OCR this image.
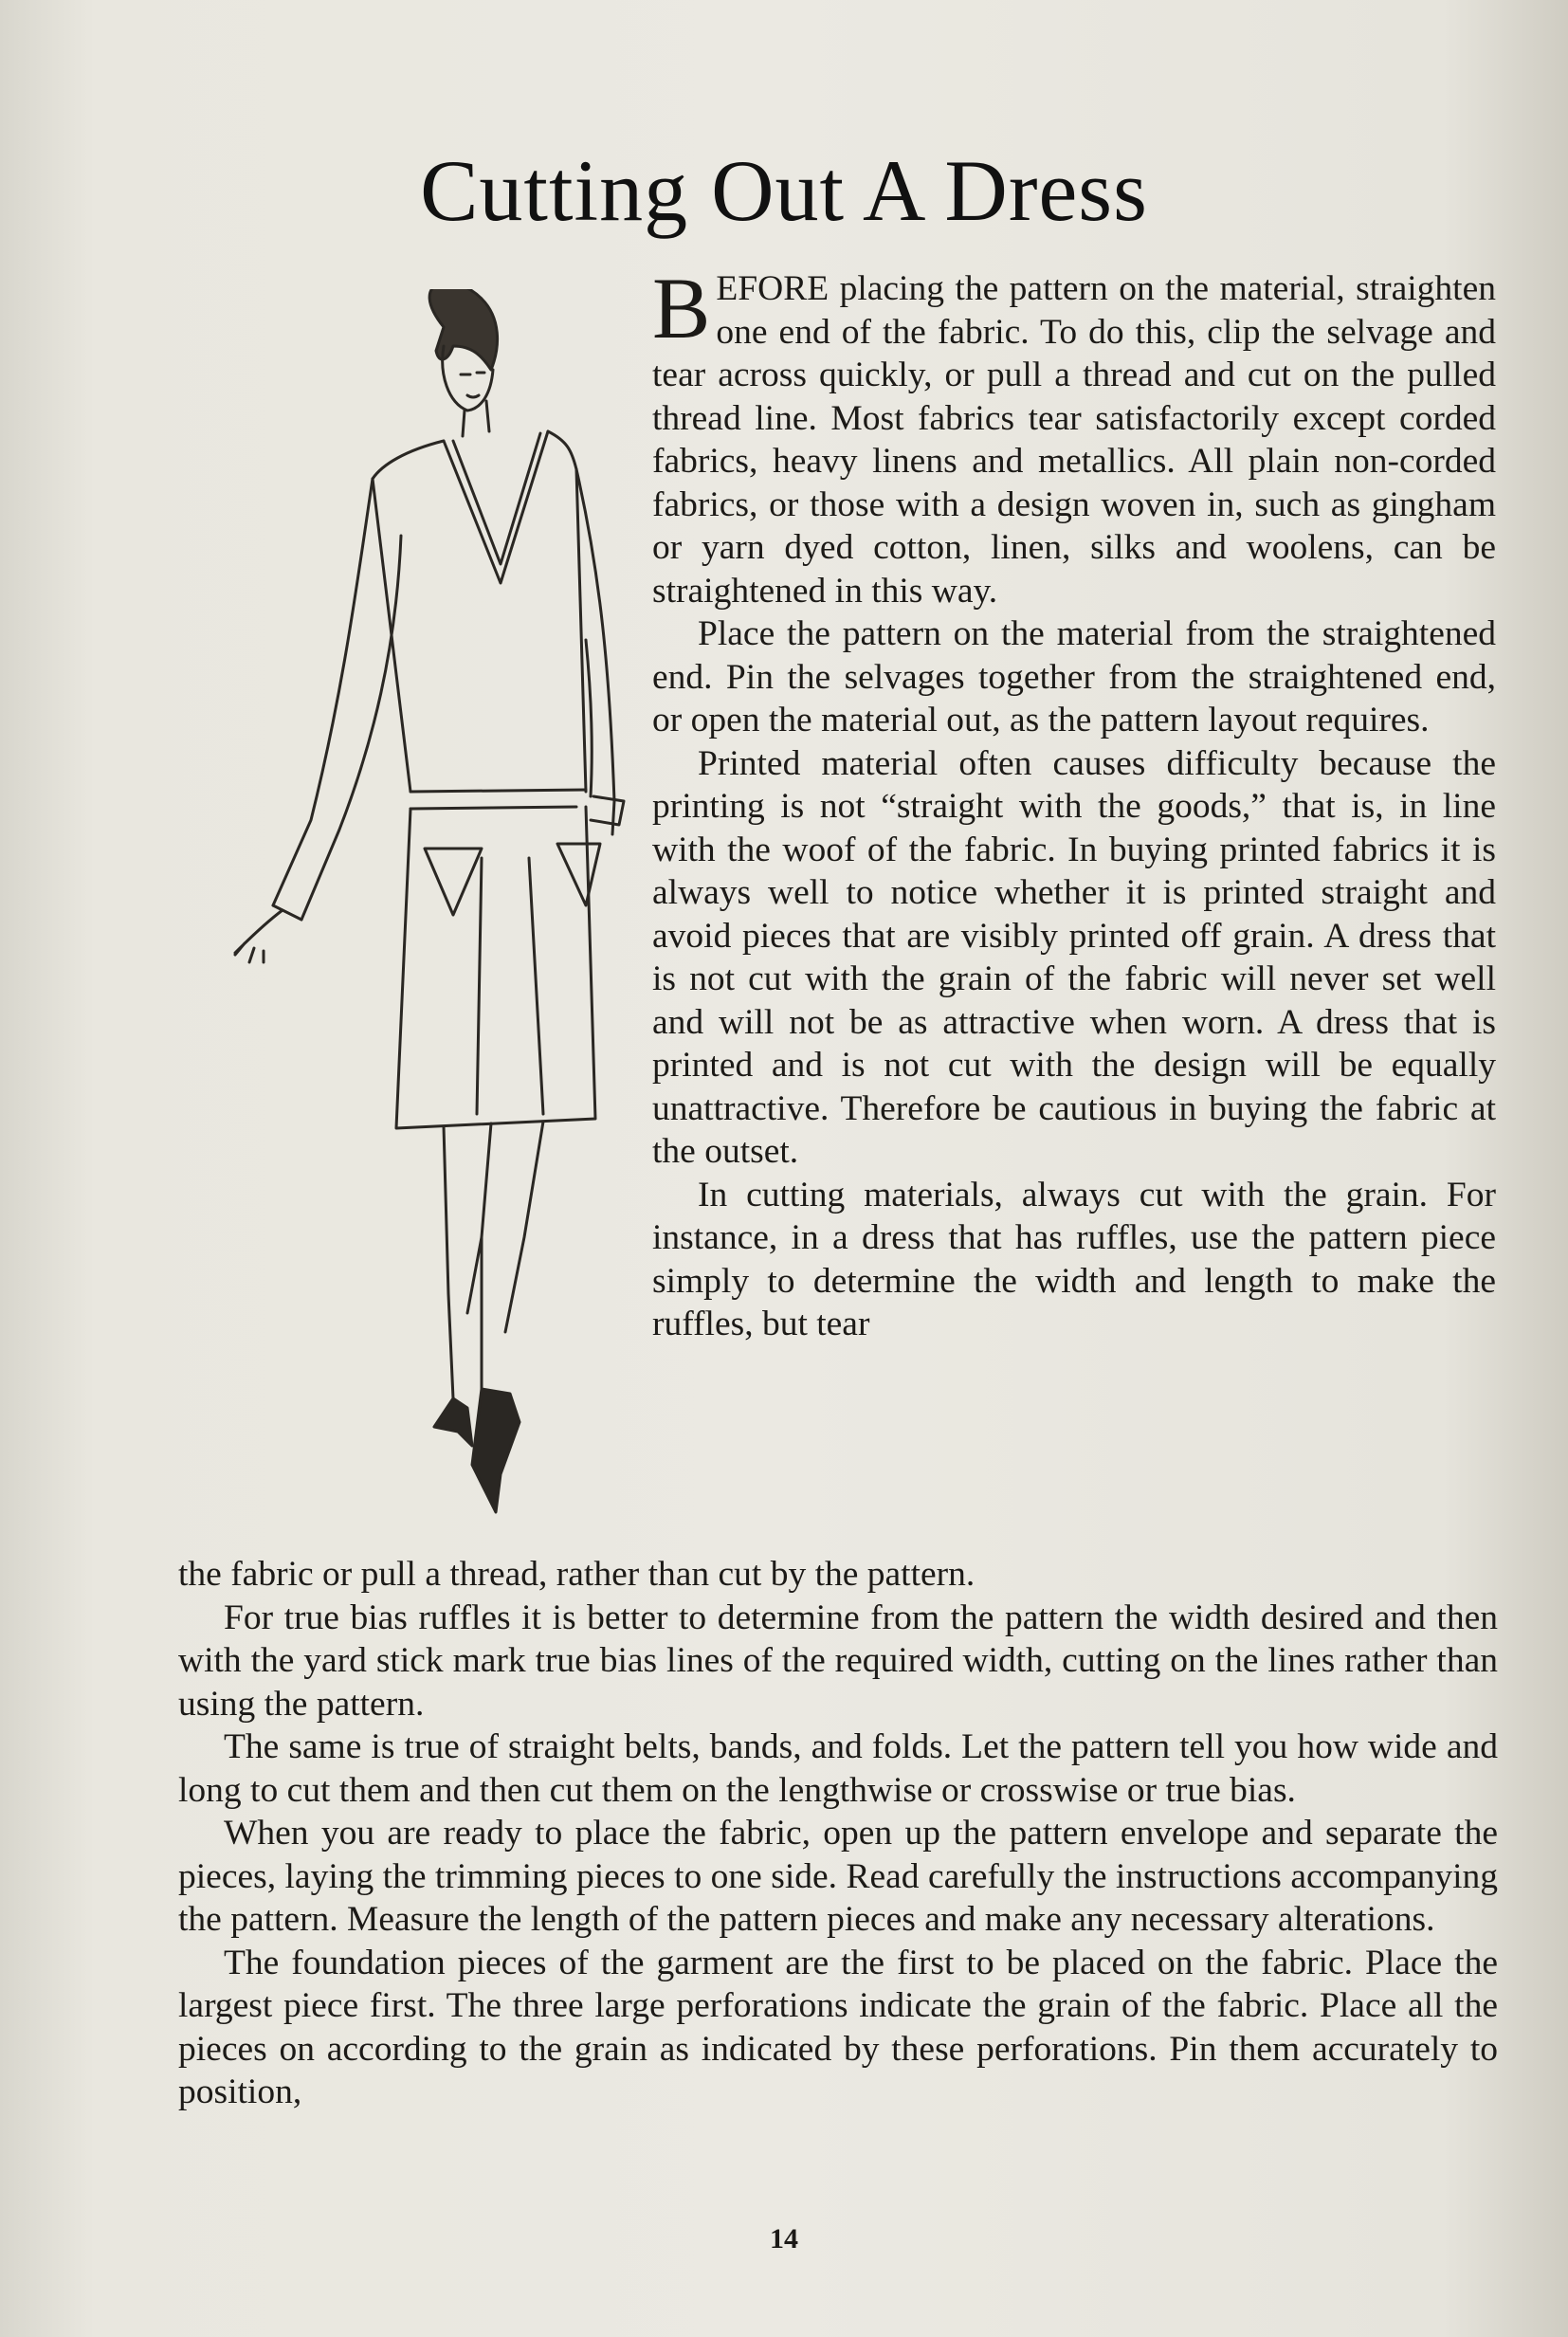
Cutting Out A Dress

BEFORE placing the pattern on the material, straighten one end of the fabric. To do this, clip the selvage and tear across quickly, or pull a thread and cut on the pulled thread line. Most fabrics tear satisfactorily except corded fabrics, heavy linens and metallics. All plain non-corded fabrics, or those with a design woven in, such as gingham or yarn dyed cotton, linen, silks and woolens, can be straightened in this way.

Place the pattern on the material from the straightened end. Pin the selvages together from the straightened end, or open the material out, as the pattern layout requires.

Printed material often causes difficulty because the printing is not “straight with the goods,” that is, in line with the woof of the fabric. In buying printed fabrics it is always well to notice whether it is printed straight and avoid pieces that are visibly printed off grain. A dress that is not cut with the grain of the fabric will never set well and will not be as attractive when worn. A dress that is printed and is not cut with the design will be equally unattractive. Therefore be cautious in buying the fabric at the outset.

In cutting materials, always cut with the grain. For instance, in a dress that has ruffles, use the pattern piece simply to determine the width and length to make the ruffles, but tear

the fabric or pull a thread, rather than cut by the pattern.

For true bias ruffles it is better to determine from the pattern the width desired and then with the yard stick mark true bias lines of the required width, cutting on the lines rather than using the pattern.

The same is true of straight belts, bands, and folds. Let the pattern tell you how wide and long to cut them and then cut them on the lengthwise or crosswise or true bias.

When you are ready to place the fabric, open up the pattern envelope and separate the pieces, laying the trimming pieces to one side. Read carefully the instructions accompanying the pattern. Measure the length of the pattern pieces and make any necessary alterations.

The foundation pieces of the garment are the first to be placed on the fabric. Place the largest piece first. The three large perforations indicate the grain of the fabric. Place all the pieces on according to the grain as indicated by these perforations. Pin them accurately to position,

14
